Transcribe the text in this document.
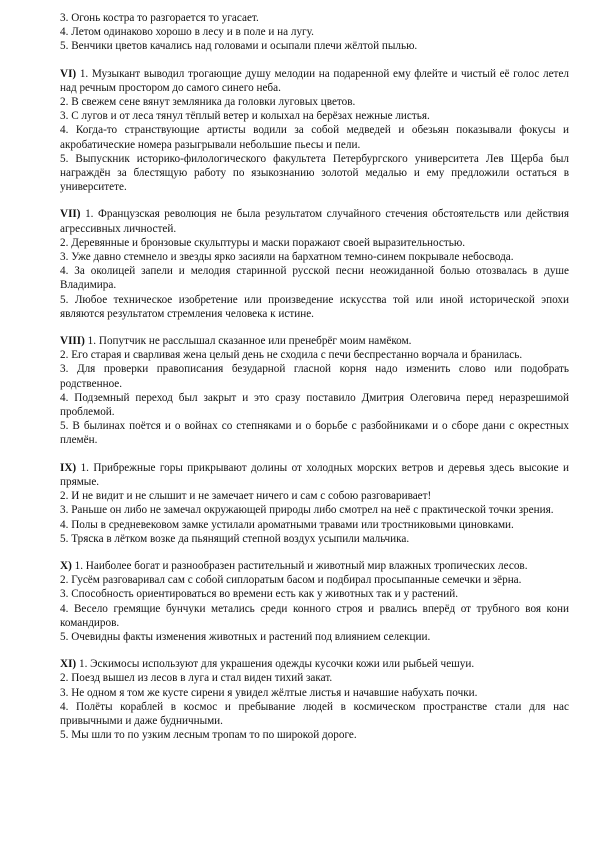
3. Огонь костра то разгорается то угасает.

4. Летом одинаково хорошо в лесу и в поле и на лугу.

5. Венчики цветов качались над головами и осыпали плечи жёлтой пылью.

VI) 1. Музыкант выводил трогающие душу мелодии на подаренной ему флейте и чистый её голос летел над речным простором до самого синего неба.

2. В свежем сене вянут земляника да головки луговых цветов.

3. С лугов и от леса тянул тёплый ветер и колыхал на берёзах нежные листья.

4. Когда-то странствующие артисты водили за собой медведей и обезьян показывали фокусы и акробатические номера разыгрывали небольшие пьесы и пели.

5. Выпускник историко-филологического факультета Петербургского университета Лев Щерба был награждён за блестящую работу по языкознанию золотой медалью и ему предложили остаться в университете.

VII) 1. Французская революция не была результатом случайного стечения обстоятельств или действия агрессивных личностей.

2. Деревянные и бронзовые скульптуры и маски поражают своей выразительностью.

3. Уже давно стемнело и звезды ярко засияли на бархатном темно-синем покрывале небосвода.

4. За околицей запели и мелодия старинной русской песни неожиданной болью отозвалась в душе Владимира.

5. Любое техническое изобретение или произведение искусства той или иной исторической эпохи являются результатом стремления человека к истине.

VIII) 1. Попутчик не расслышал сказанное или пренебрёг моим намёком.

2. Его старая и сварливая жена целый день не сходила с печи беспрестанно ворчала и бранилась.

3. Для проверки правописания безударной гласной корня надо изменить слово или подобрать родственное.

4. Подземный переход был закрыт и это сразу поставило Дмитрия Олеговича перед неразрешимой проблемой.

5. В былинах поётся и о войнах со степняками и о борьбе с разбойниками и о сборе дани с окрестных племён.

IX) 1. Прибрежные горы прикрывают долины от холодных морских ветров и деревья здесь высокие и прямые.

2. И не видит и не слышит и не замечает ничего и сам с собою разговаривает!

3. Раньше он либо не замечал окружающей природы либо смотрел на неё с практической точки зрения.

4. Полы в средневековом замке устилали ароматными травами или тростниковыми циновками.

5. Тряска в лётком возке да пьянящий степной воздух усыпили мальчика.

X) 1. Наиболее богат и разнообразен растительный и животный мир влажных тропических лесов.

2. Гусём разговаривал сам с собой сиплоратым басом и подбирал просыпанные семечки и зёрна.

3. Способность ориентироваться во времени есть как у животных так и у растений.

4. Весело гремящие бунчуки метались среди конного строя и рвались вперёд от трубного воя кони командиров.

5. Очевидны факты изменения животных и растений под влиянием селекции.

XI) 1. Эскимосы используют для украшения одежды кусочки кожи или рыбьей чешуи.

2. Поезд вышел из лесов в луга и стал виден тихий закат.

3. Не одном я том же кусте сирени я увидел жёлтые листья и начавшие набухать почки.

4. Полёты кораблей в космос и пребывание людей в космическом пространстве стали для нас привычными и даже будничными.

5. Мы шли то по узким лесным тропам то по широкой дороге.
